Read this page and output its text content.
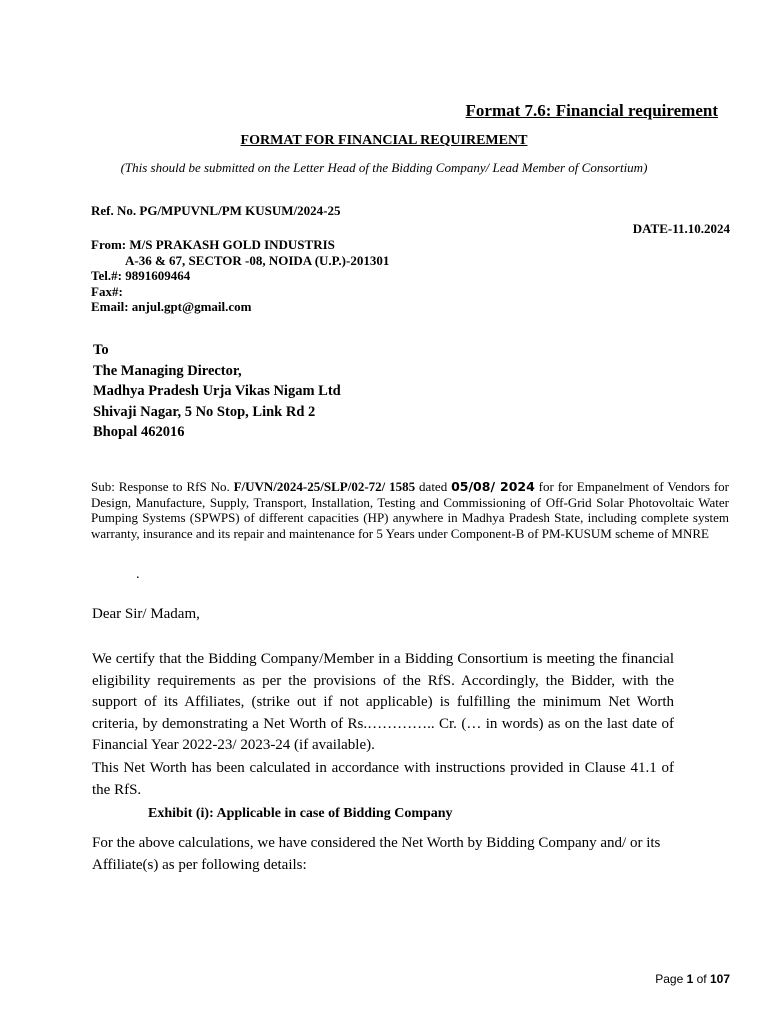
Format 7.6: Financial requirement
FORMAT FOR FINANCIAL REQUIREMENT
(This should be submitted on the Letter Head of the Bidding Company/ Lead Member of Consortium)
Ref. No. PG/MPUVNL/PM KUSUM/2024-25
DATE-11.10.2024
From: M/S PRAKASH GOLD INDUSTRIS
A-36 & 67, SECTOR -08, NOIDA (U.P.)-201301
Tel.#: 9891609464
Fax#:
Email: anjul.gpt@gmail.com
To
The Managing Director,
Madhya Pradesh Urja Vikas Nigam Ltd
Shivaji Nagar, 5 No Stop, Link Rd 2
Bhopal 462016
Sub: Response to RfS No. F/UVN/2024-25/SLP/02-72/ 1585 dated 05/08/ 2024 for for Empanelment of Vendors for Design, Manufacture, Supply, Transport, Installation, Testing and Commissioning of Off-Grid Solar Photovoltaic Water Pumping Systems (SPWPS) of different capacities (HP) anywhere in Madhya Pradesh State, including complete system warranty, insurance and its repair and maintenance for 5 Years under Component-B of PM-KUSUM scheme of MNRE
.
Dear Sir/ Madam,
We certify that the Bidding Company/Member in a Bidding Consortium is meeting the financial eligibility requirements as per the provisions of the RfS. Accordingly, the Bidder, with the support of its Affiliates, (strike out if not applicable) is fulfilling the minimum Net Worth criteria, by demonstrating a Net Worth of Rs.………….. Cr. (… in words) as on the last date of Financial Year 2022-23/ 2023-24 (if available).
This Net Worth has been calculated in accordance with instructions provided in Clause 41.1 of the RfS.
Exhibit (i): Applicable in case of Bidding Company
For the above calculations, we have considered the Net Worth by Bidding Company and/ or its Affiliate(s) as per following details:
Page 1 of 107
